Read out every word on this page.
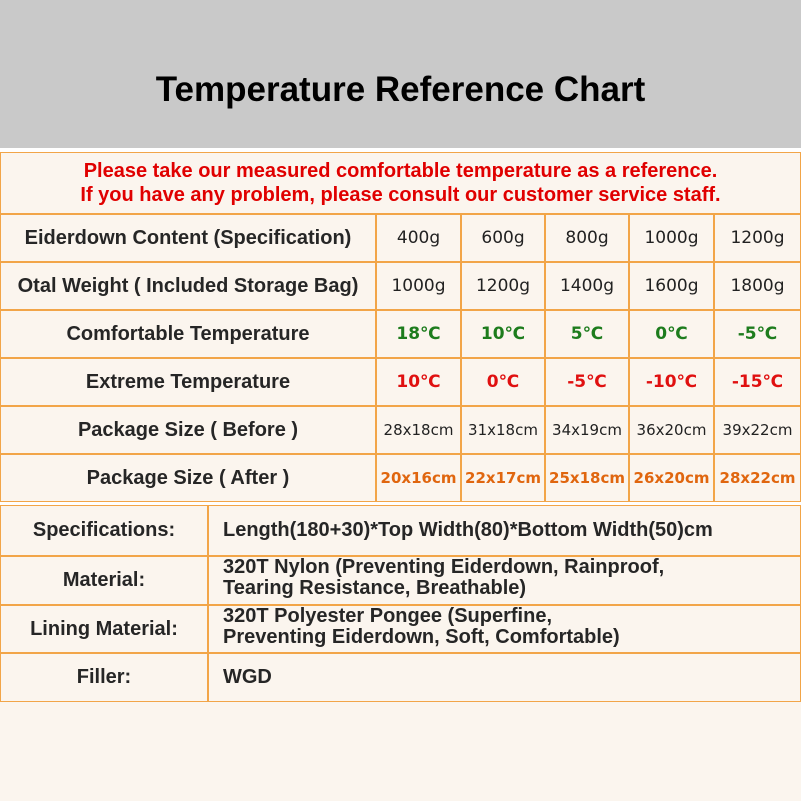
Temperature Reference Chart
Please take our measured comfortable temperature as a reference.
If you have any problem, please consult our customer service staff.
Eiderdown Content (Specification)	400g	600g	800g	1000g	1200g
Otal Weight ( Included Storage Bag)	1000g	1200g	1400g	1600g	1800g
Comfortable Temperature	18℃	10℃	5℃	0℃	-5℃
Extreme Temperature	10℃	0℃	-5℃	-10℃	-15℃
Package Size ( Before )	28x18cm 31x18cm 34x19cm 36x20cm	39x22cm
Package Size ( After )	20x16cm 22x17cm 25x18cm 26x20cm 28x22cm
Specifications:	Length(180+30)*Top Width(80)*Bottom Width(50)cm
Material:
320T Nylon (Preventing Eiderdown, Rainproof,
Tearing Resistance, Breathable)
Lining Material:
320T Polyester Pongee (Superfine,
Preventing Eiderdown, Soft, Comfortable)
Filler:	WGD
